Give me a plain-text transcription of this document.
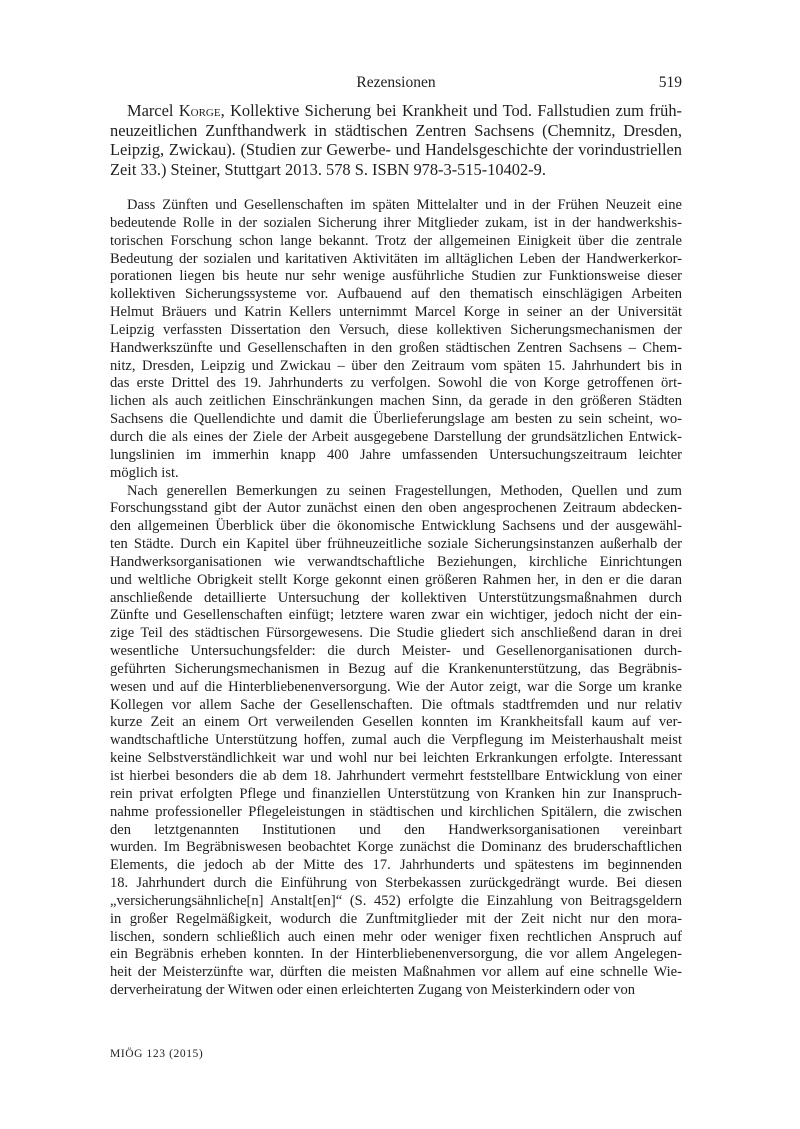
Rezensionen	519
Marcel Korge, Kollektive Sicherung bei Krankheit und Tod. Fallstudien zum früh-
neuzeitlichen Zunfthandwerk in städtischen Zentren Sachsens (Chemnitz, Dresden,
Leipzig, Zwickau). (Studien zur Gewerbe- und Handelsgeschichte der vorindustriellen
Zeit 33.) Steiner, Stuttgart 2013. 578 S. ISBN 978-3-515-10402-9.
Dass Zünften und Gesellenschaften im späten Mittelalter und in der Frühen Neuzeit eine
bedeutende Rolle in der sozialen Sicherung ihrer Mitglieder zukam, ist in der handwerkshis-
torischen Forschung schon lange bekannt. Trotz der allgemeinen Einigkeit über die zentrale
Bedeutung der sozialen und karitativen Aktivitäten im alltäglichen Leben der Handwerkerkor-
porationen liegen bis heute nur sehr wenige ausführliche Studien zur Funktionsweise dieser
kollektiven Sicherungssysteme vor. Aufbauend auf den thematisch einschlägigen Arbeiten
Helmut Bräuers und Katrin Kellers unternimmt Marcel Korge in seiner an der Universität
Leipzig verfassten Dissertation den Versuch, diese kollektiven Sicherungsmechanismen der
Handwerkszünfte und Gesellenschaften in den großen städtischen Zentren Sachsens – Chem-
nitz, Dresden, Leipzig und Zwickau – über den Zeitraum vom späten 15. Jahrhundert bis in
das erste Drittel des 19. Jahrhunderts zu verfolgen. Sowohl die von Korge getroffenen ört-
lichen als auch zeitlichen Einschränkungen machen Sinn, da gerade in den größeren Städten
Sachsens die Quellendichte und damit die Überlieferungslage am besten zu sein scheint, wo-
durch die als eines der Ziele der Arbeit ausgegebene Darstellung der grundsätzlichen Entwick-
lungslinien im immerhin knapp 400 Jahre umfassenden Untersuchungszeitraum leichter
möglich ist.
Nach generellen Bemerkungen zu seinen Fragestellungen, Methoden, Quellen und zum
Forschungsstand gibt der Autor zunächst einen den oben angesprochenen Zeitraum abdecken-
den allgemeinen Überblick über die ökonomische Entwicklung Sachsens und der ausgewähl-
ten Städte. Durch ein Kapitel über frühneuzeitliche soziale Sicherungsinstanzen außerhalb der
Handwerksorganisationen wie verwandtschaftliche Beziehungen, kirchliche Einrichtungen
und weltliche Obrigkeit stellt Korge gekonnt einen größeren Rahmen her, in den er die daran
anschließende detaillierte Untersuchung der kollektiven Unterstützungsmaßnahmen durch
Zünfte und Gesellenschaften einfügt; letztere waren zwar ein wichtiger, jedoch nicht der ein-
zige Teil des städtischen Fürsorgewesens. Die Studie gliedert sich anschließend daran in drei
wesentliche Untersuchungsfelder: die durch Meister- und Gesellenorganisationen durch-
geführten Sicherungsmechanismen in Bezug auf die Krankenunterstützung, das Begräbnis-
wesen und auf die Hinterbliebenenversorgung. Wie der Autor zeigt, war die Sorge um kranke
Kollegen vor allem Sache der Gesellenschaften. Die oftmals stadtfremden und nur relativ
kurze Zeit an einem Ort verweilenden Gesellen konnten im Krankheitsfall kaum auf ver-
wandtschaftliche Unterstützung hoffen, zumal auch die Verpflegung im Meisterhaushalt meist
keine Selbstverständlichkeit war und wohl nur bei leichten Erkrankungen erfolgte. Interessant
ist hierbei besonders die ab dem 18. Jahrhundert vermehrt feststellbare Entwicklung von einer
rein privat erfolgten Pflege und finanziellen Unterstützung von Kranken hin zur Inanspruch-
nahme professioneller Pflegeleistungen in städtischen und kirchlichen Spitälern, die zwischen
den letztgenannten Institutionen und den Handwerksorganisationen vereinbart
wurden. Im Begräbniswesen beobachtet Korge zunächst die Dominanz des bruderschaftlichen
Elements, die jedoch ab der Mitte des 17. Jahrhunderts und spätestens im beginnenden
18. Jahrhundert durch die Einführung von Sterbekassen zurückgedrängt wurde. Bei diesen
„versicherungsähnliche[n] Anstalt[en]“ (S. 452) erfolgte die Einzahlung von Beitragsgeldern
in großer Regelmäßigkeit, wodurch die Zunftmitglieder mit der Zeit nicht nur den mora-
lischen, sondern schließlich auch einen mehr oder weniger fixen rechtlichen Anspruch auf
ein Begräbnis erheben konnten. In der Hinterbliebenenversorgung, die vor allem Angelegen-
heit der Meisterzünfte war, dürften die meisten Maßnahmen vor allem auf eine schnelle Wie-
derverheiratung der Witwen oder einen erleichterten Zugang von Meisterkindern oder von
MIÖG 123 (2015)
